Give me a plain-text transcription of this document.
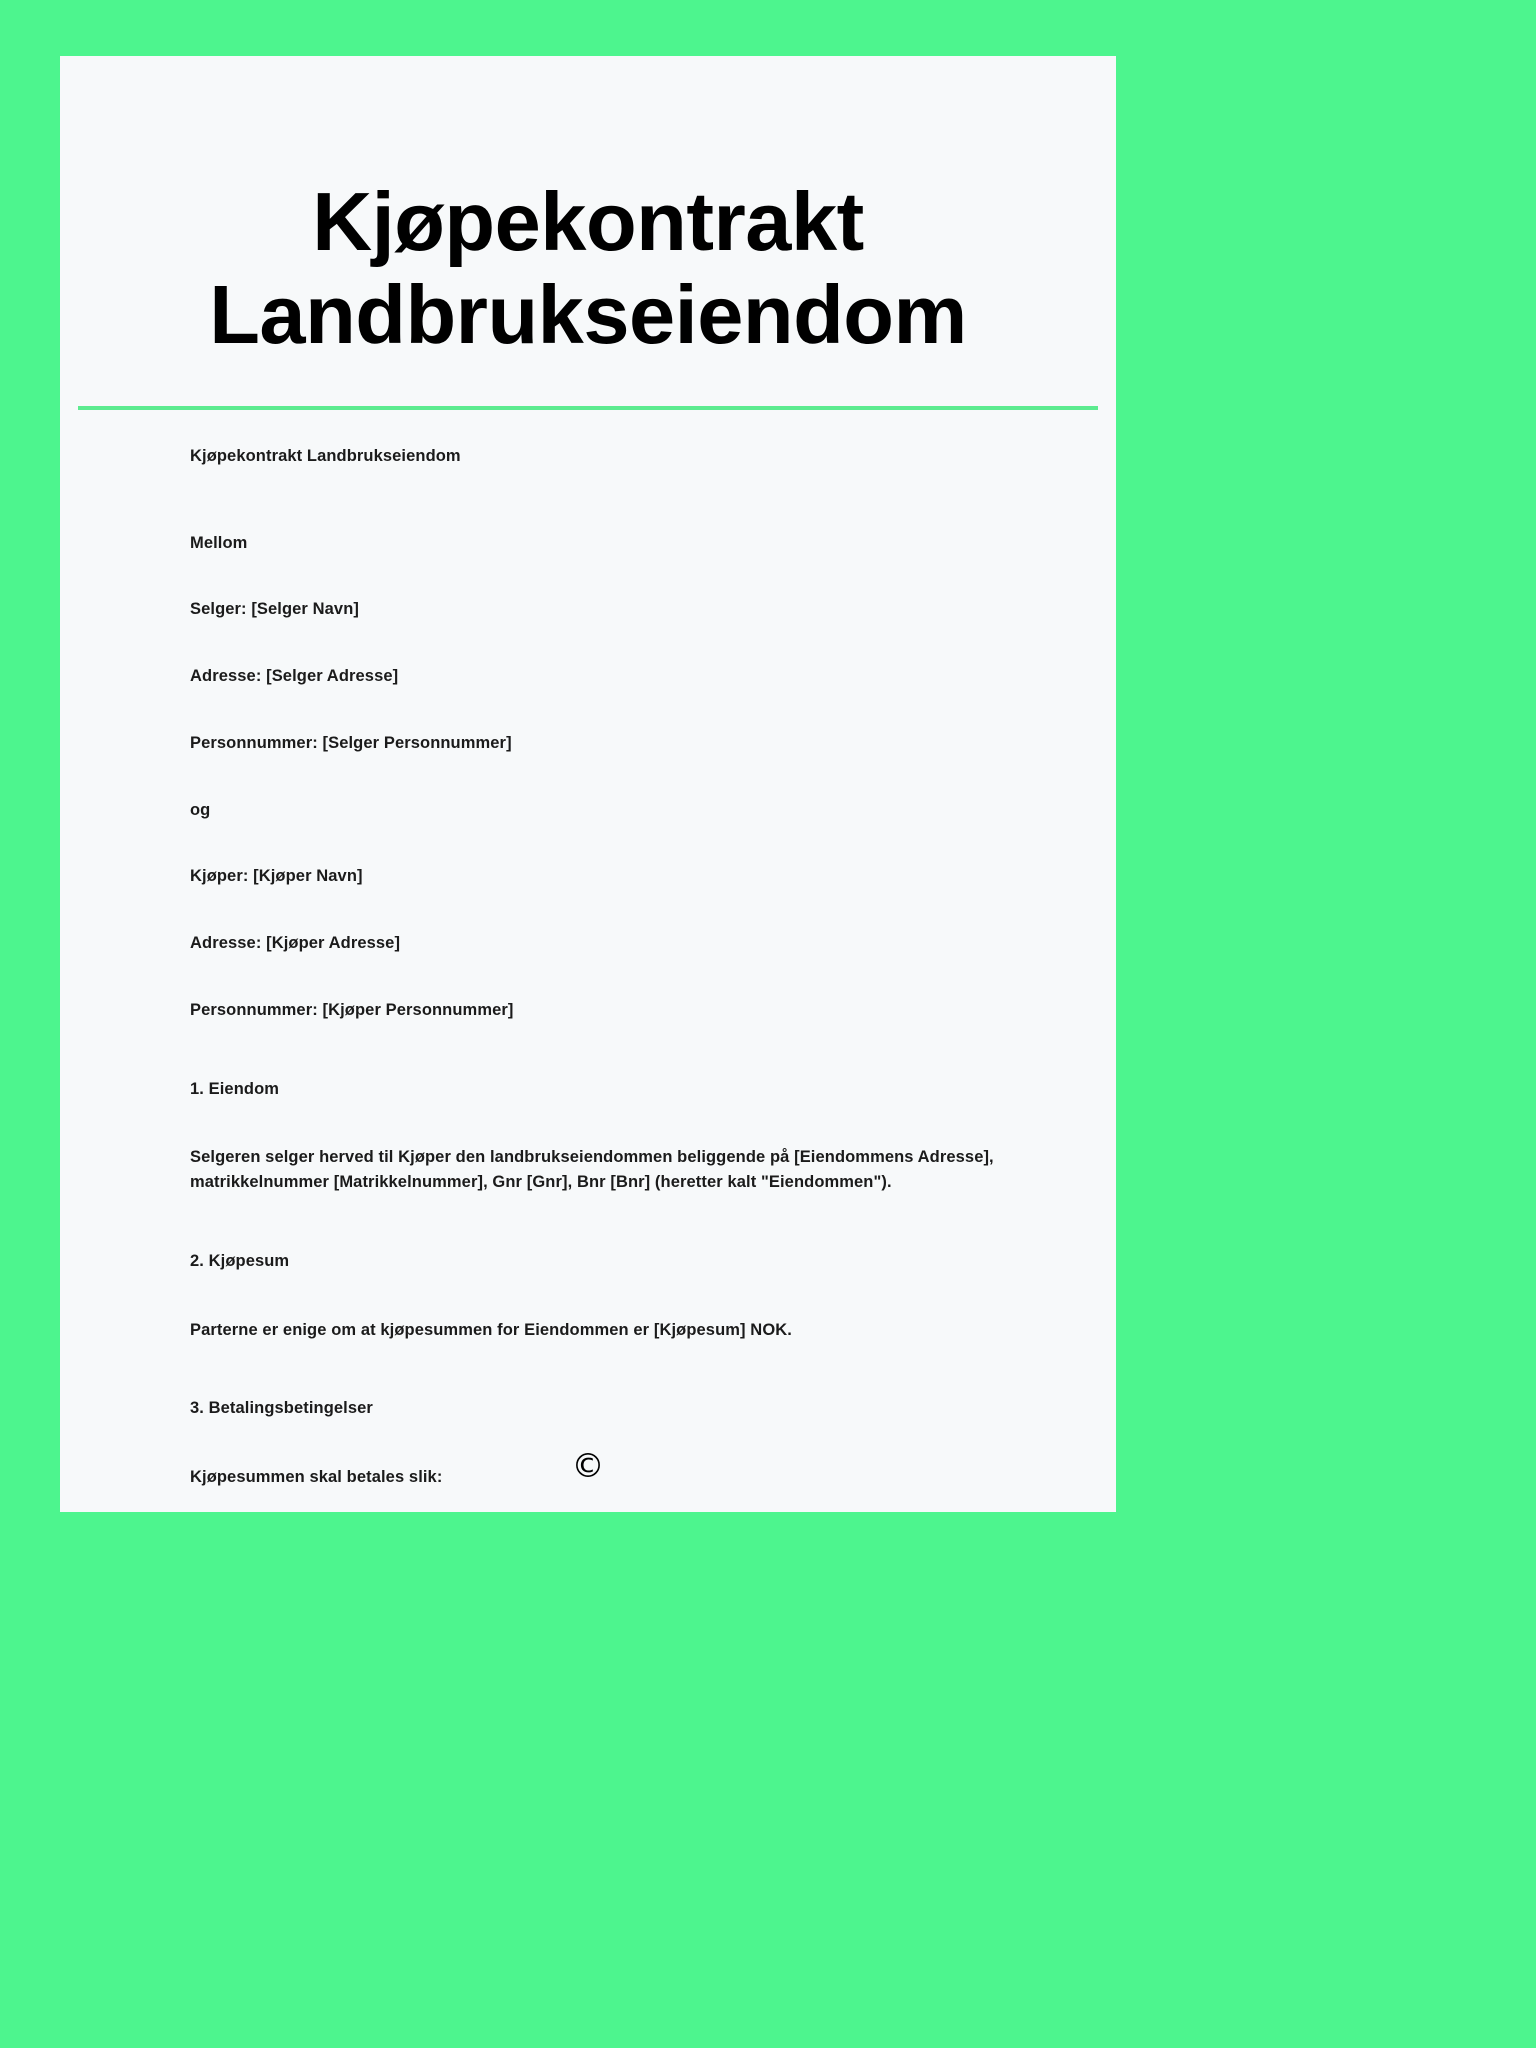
Kjøpekontrakt Landbrukseiendom

Kjøpekontrakt Landbrukseiendom

Mellom

Selger: [Selger Navn]

Adresse: [Selger Adresse]

Personnummer: [Selger Personnummer]

og

Kjøper: [Kjøper Navn]

Adresse: [Kjøper Adresse]

Personnummer: [Kjøper Personnummer]

1. Eiendom

Selgeren selger herved til Kjøper den landbrukseiendommen beliggende på [Eiendommens Adresse], matrikkelnummer [Matrikkelnummer], Gnr [Gnr], Bnr [Bnr] (heretter kalt "Eiendommen").

2. Kjøpesum

Parterne er enige om at kjøpesummen for Eiendommen er [Kjøpesum] NOK.

3. Betalingsbetingelser

Kjøpesummen skal betales slik:	©
